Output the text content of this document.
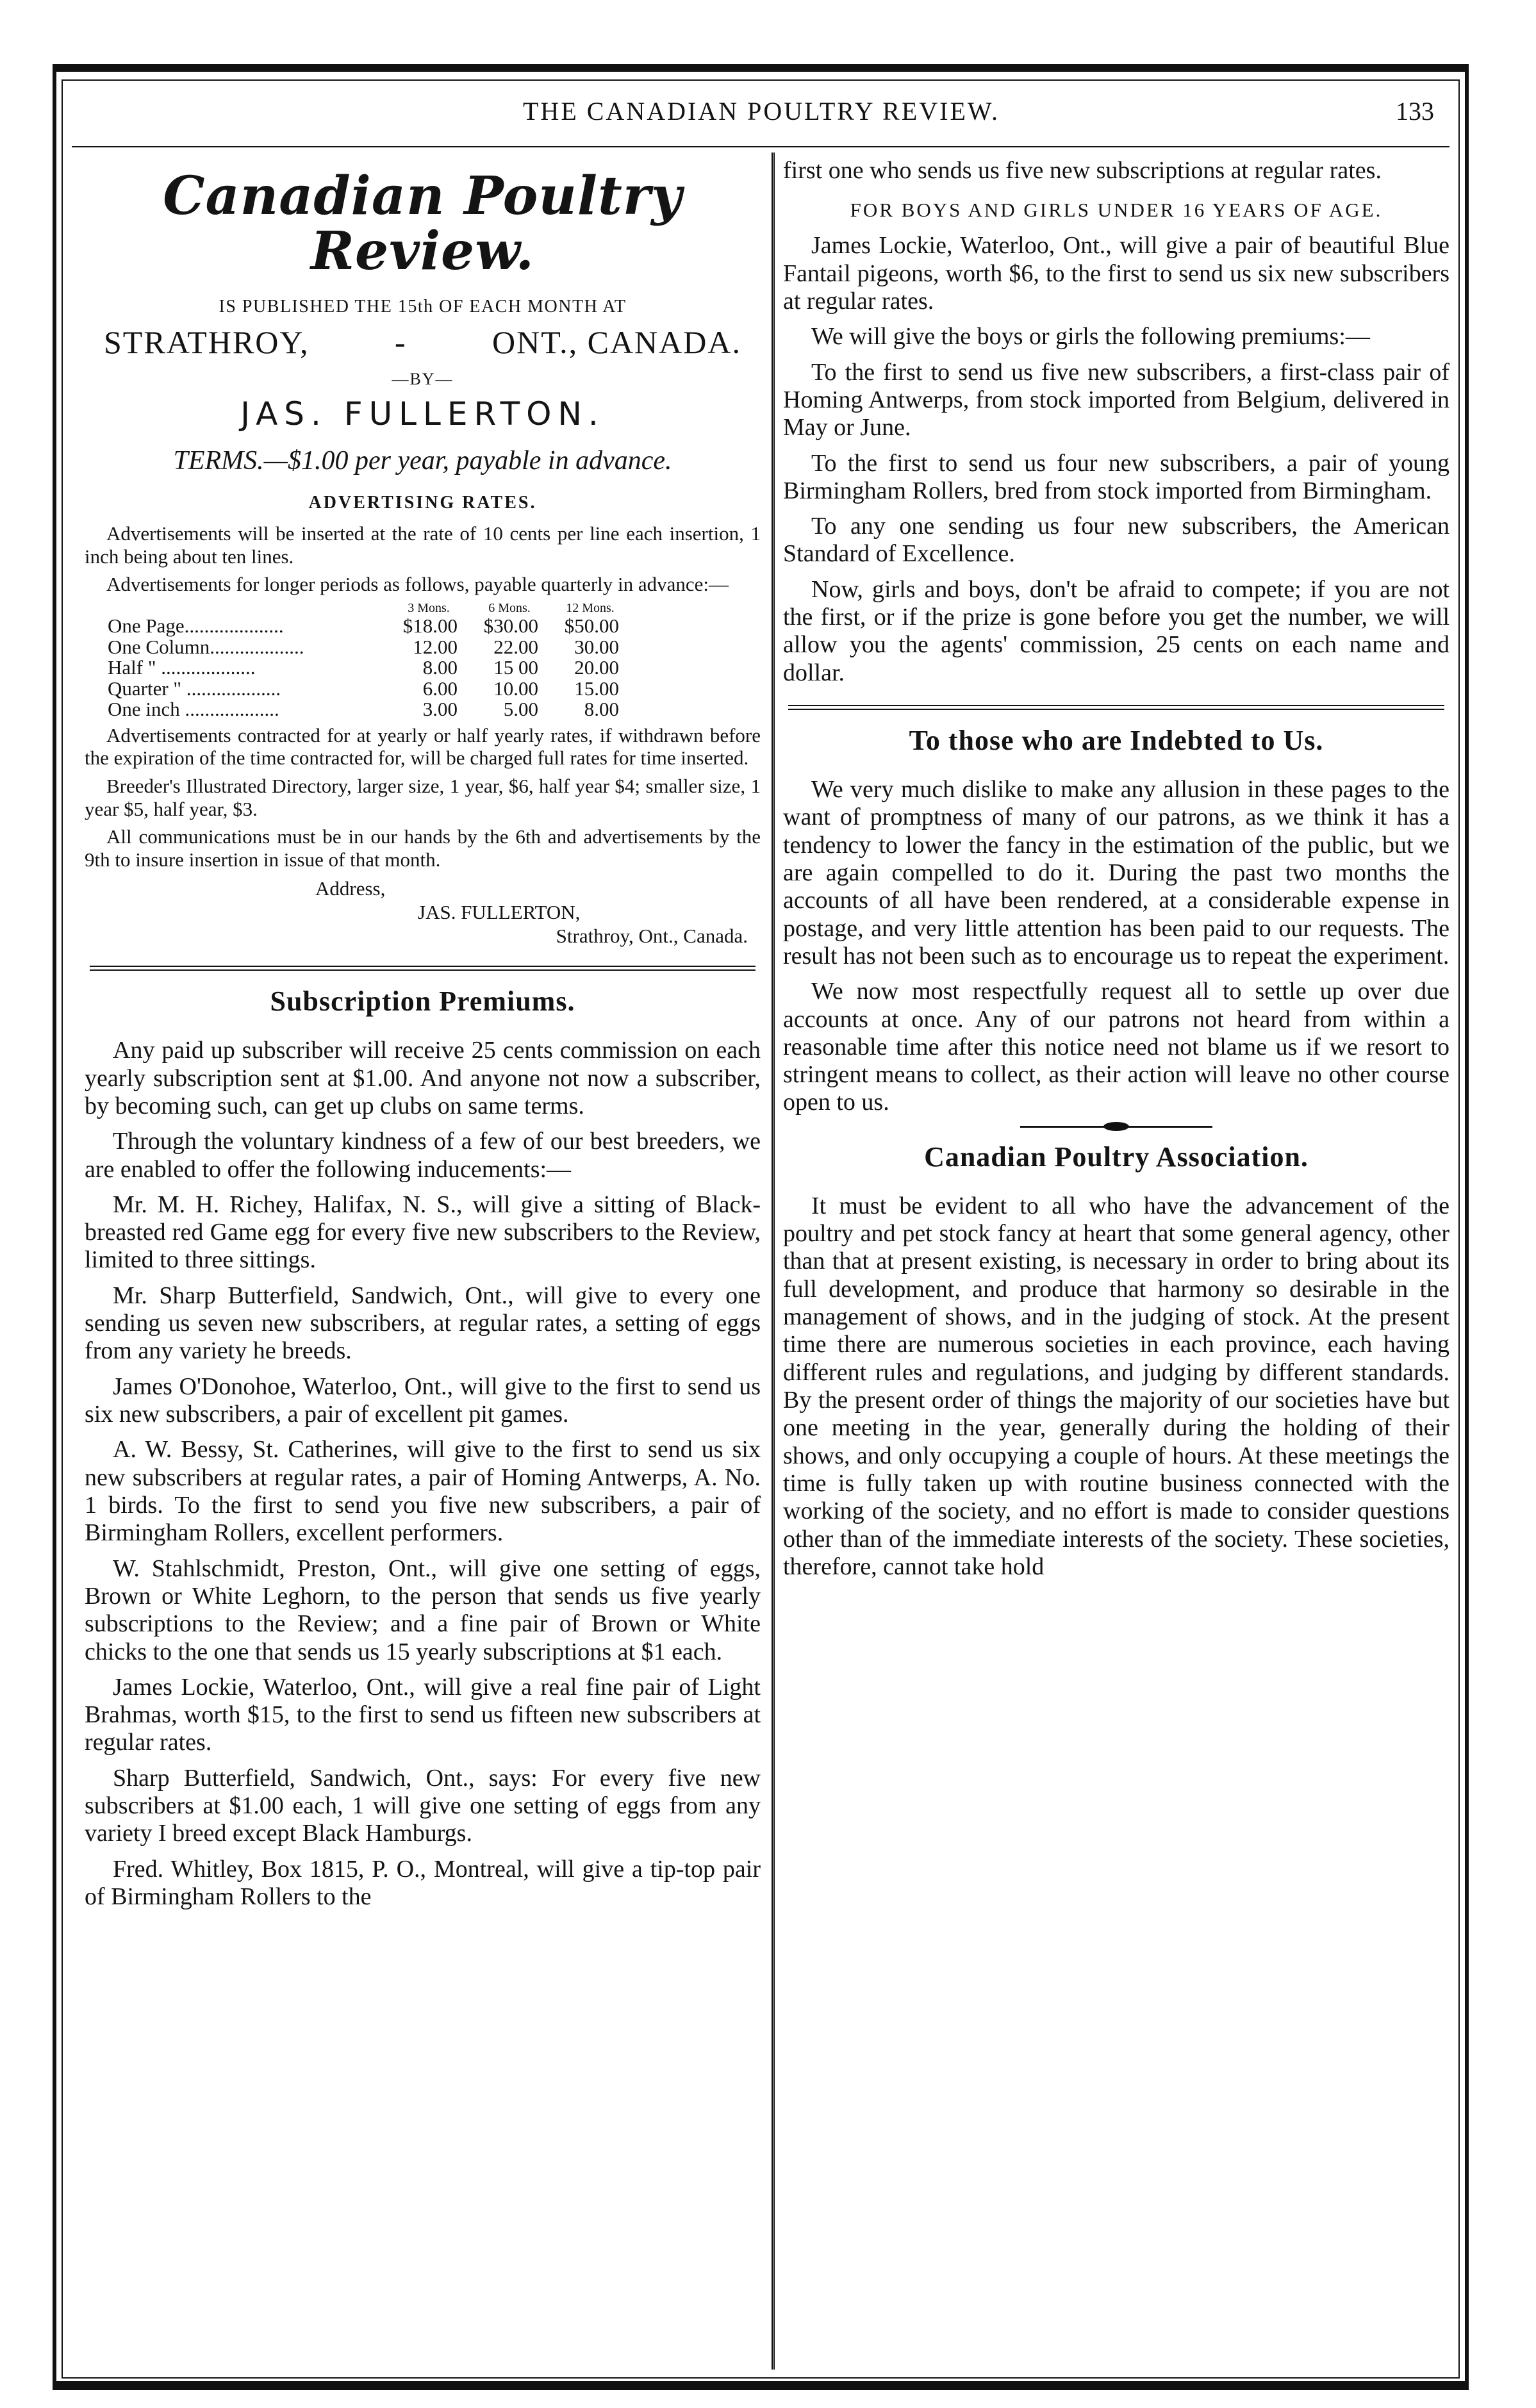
THE CANADIAN POULTRY REVIEW.	133
Canadian Poultry Review.
IS PUBLISHED THE 15th OF EACH MONTH AT
STRATHROY,	-	ONT., CANADA.
—BY—
JAS. FULLERTON.
TERMS.—$1.00 per year, payable in advance.
ADVERTISING RATES.

Advertisements will be inserted at the rate of 10 cents per line each insertion, 1 inch being about ten lines.

Advertisements for longer periods as follows, payable quarterly in advance:—

	3 Mons.	6 Mons.	12 Mons.
One Page....................	$18.00	$30.00	$50.00
One Column...................	12.00	22.00	30.00
Half " ...................	8.00	15 00	20.00
Quarter " ...................	6.00	10.00	15.00
One inch ...................	3.00	5.00	8.00

Advertisements contracted for at yearly or half yearly rates, if withdrawn before the expiration of the time contracted for, will be charged full rates for time inserted.

Breeder's Illustrated Directory, larger size, 1 year, $6, half year $4; smaller size, 1 year $5, half year, $3.

All communications must be in our hands by the 6th and advertisements by the 9th to insure insertion in issue of that month.

Address,
JAS. FULLERTON,
Strathroy, Ont., Canada.
Subscription Premiums.

Any paid up subscriber will receive 25 cents commission on each yearly subscription sent at $1.00. And anyone not now a subscriber, by becoming such, can get up clubs on same terms.

Through the voluntary kindness of a few of our best breeders, we are enabled to offer the following inducements:—

Mr. M. H. Richey, Halifax, N. S., will give a sitting of Black-breasted red Game egg for every five new subscribers to the Review, limited to three sittings.

Mr. Sharp Butterfield, Sandwich, Ont., will give to every one sending us seven new subscribers, at regular rates, a setting of eggs from any variety he breeds.

James O'Donohoe, Waterloo, Ont., will give to the first to send us six new subscribers, a pair of excellent pit games.

A. W. Bessy, St. Catherines, will give to the first to send us six new subscribers at regular rates, a pair of Homing Antwerps, A. No. 1 birds. To the first to send you five new subscribers, a pair of Birmingham Rollers, excellent performers.

W. Stahlschmidt, Preston, Ont., will give one setting of eggs, Brown or White Leghorn, to the person that sends us five yearly subscriptions to the Review; and a fine pair of Brown or White chicks to the one that sends us 15 yearly subscriptions at $1 each.

James Lockie, Waterloo, Ont., will give a real fine pair of Light Brahmas, worth $15, to the first to send us fifteen new subscribers at regular rates.

Sharp Butterfield, Sandwich, Ont., says: For every five new subscribers at $1.00 each, 1 will give one setting of eggs from any variety I breed except Black Hamburgs.

Fred. Whitley, Box 1815, P. O., Montreal, will give a tip-top pair of Birmingham Rollers to the

first one who sends us five new subscriptions at regular rates.

FOR BOYS AND GIRLS UNDER 16 YEARS OF AGE.

James Lockie, Waterloo, Ont., will give a pair of beautiful Blue Fantail pigeons, worth $6, to the first to send us six new subscribers at regular rates.

We will give the boys or girls the following premiums:—

To the first to send us five new subscribers, a first-class pair of Homing Antwerps, from stock imported from Belgium, delivered in May or June.

To the first to send us four new subscribers, a pair of young Birmingham Rollers, bred from stock imported from Birmingham.

To any one sending us four new subscribers, the American Standard of Excellence.

Now, girls and boys, don't be afraid to compete; if you are not the first, or if the prize is gone before you get the number, we will allow you the agents' commission, 25 cents on each name and dollar.

To those who are Indebted to Us.

We very much dislike to make any allusion in these pages to the want of promptness of many of our patrons, as we think it has a tendency to lower the fancy in the estimation of the public, but we are again compelled to do it. During the past two months the accounts of all have been rendered, at a considerable expense in postage, and very little attention has been paid to our requests. The result has not been such as to encourage us to repeat the experiment.

We now most respectfully request all to settle up over due accounts at once. Any of our patrons not heard from within a reasonable time after this notice need not blame us if we resort to stringent means to collect, as their action will leave no other course open to us.

Canadian Poultry Association.

It must be evident to all who have the advancement of the poultry and pet stock fancy at heart that some general agency, other than that at present existing, is necessary in order to bring about its full development, and produce that harmony so desirable in the management of shows, and in the judging of stock. At the present time there are numerous societies in each province, each having different rules and regulations, and judging by different standards. By the present order of things the majority of our societies have but one meeting in the year, generally during the holding of their shows, and only occupying a couple of hours. At these meetings the time is fully taken up with routine business connected with the working of the society, and no effort is made to consider questions other than of the immediate interests of the society. These societies, therefore, cannot take hold
